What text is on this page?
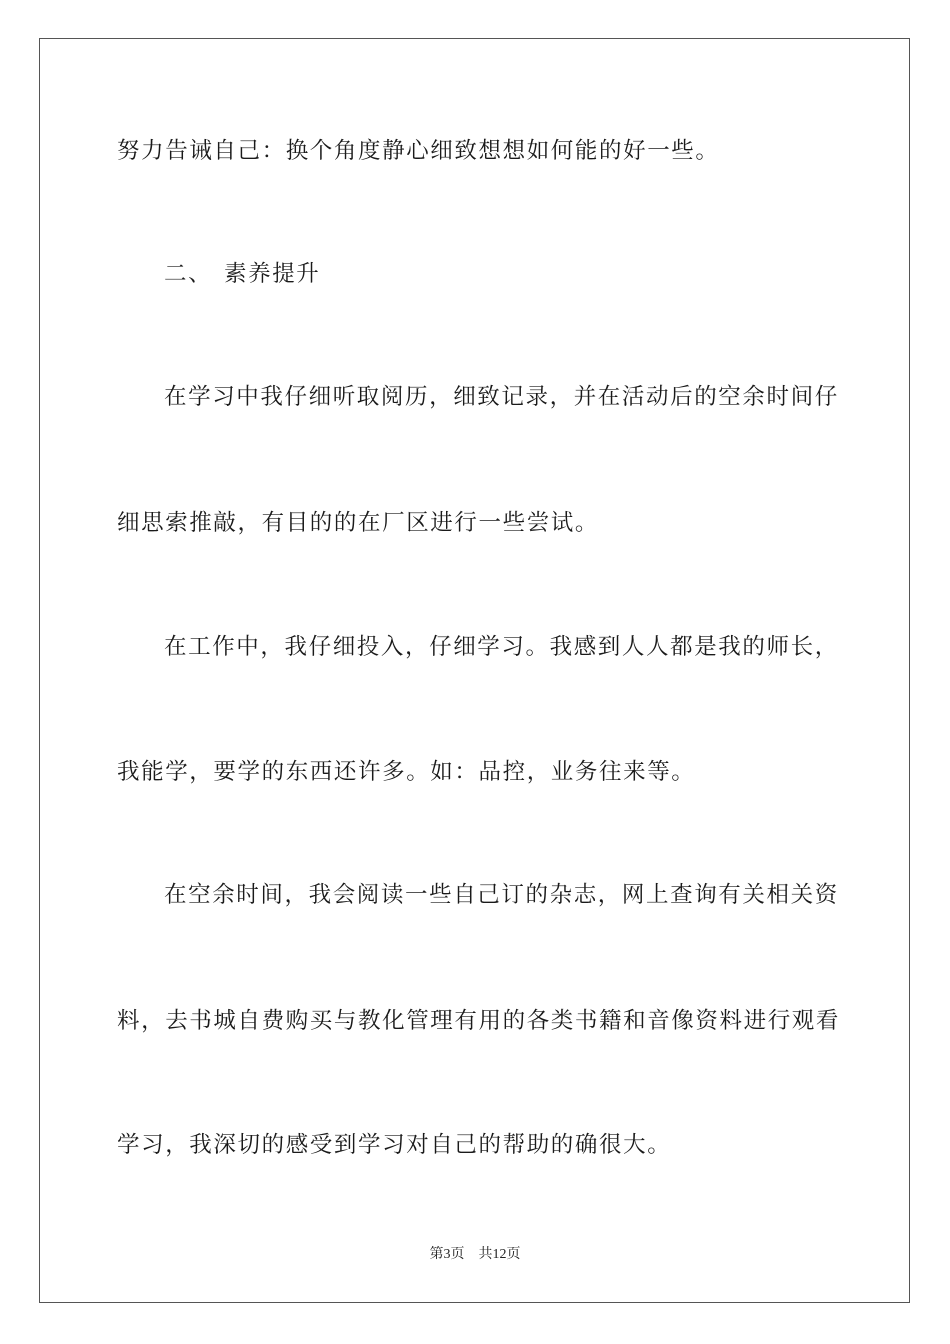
努力告诫自己：换个角度静心细致想想如何能的好一些。
二、 素养提升
在学习中我仔细听取阅历，细致记录，并在活动后的空余时间仔
细思索推敲，有目的的在厂区进行一些尝试。
在工作中，我仔细投入，仔细学习。我感到人人都是我的师长，
我能学，要学的东西还许多。如：品控，业务往来等。
在空余时间，我会阅读一些自己订的杂志，网上查询有关相关资
料，去书城自费购买与教化管理有用的各类书籍和音像资料进行观看
学习，我深切的感受到学习对自己的帮助的确很大。
第3页 共12页
